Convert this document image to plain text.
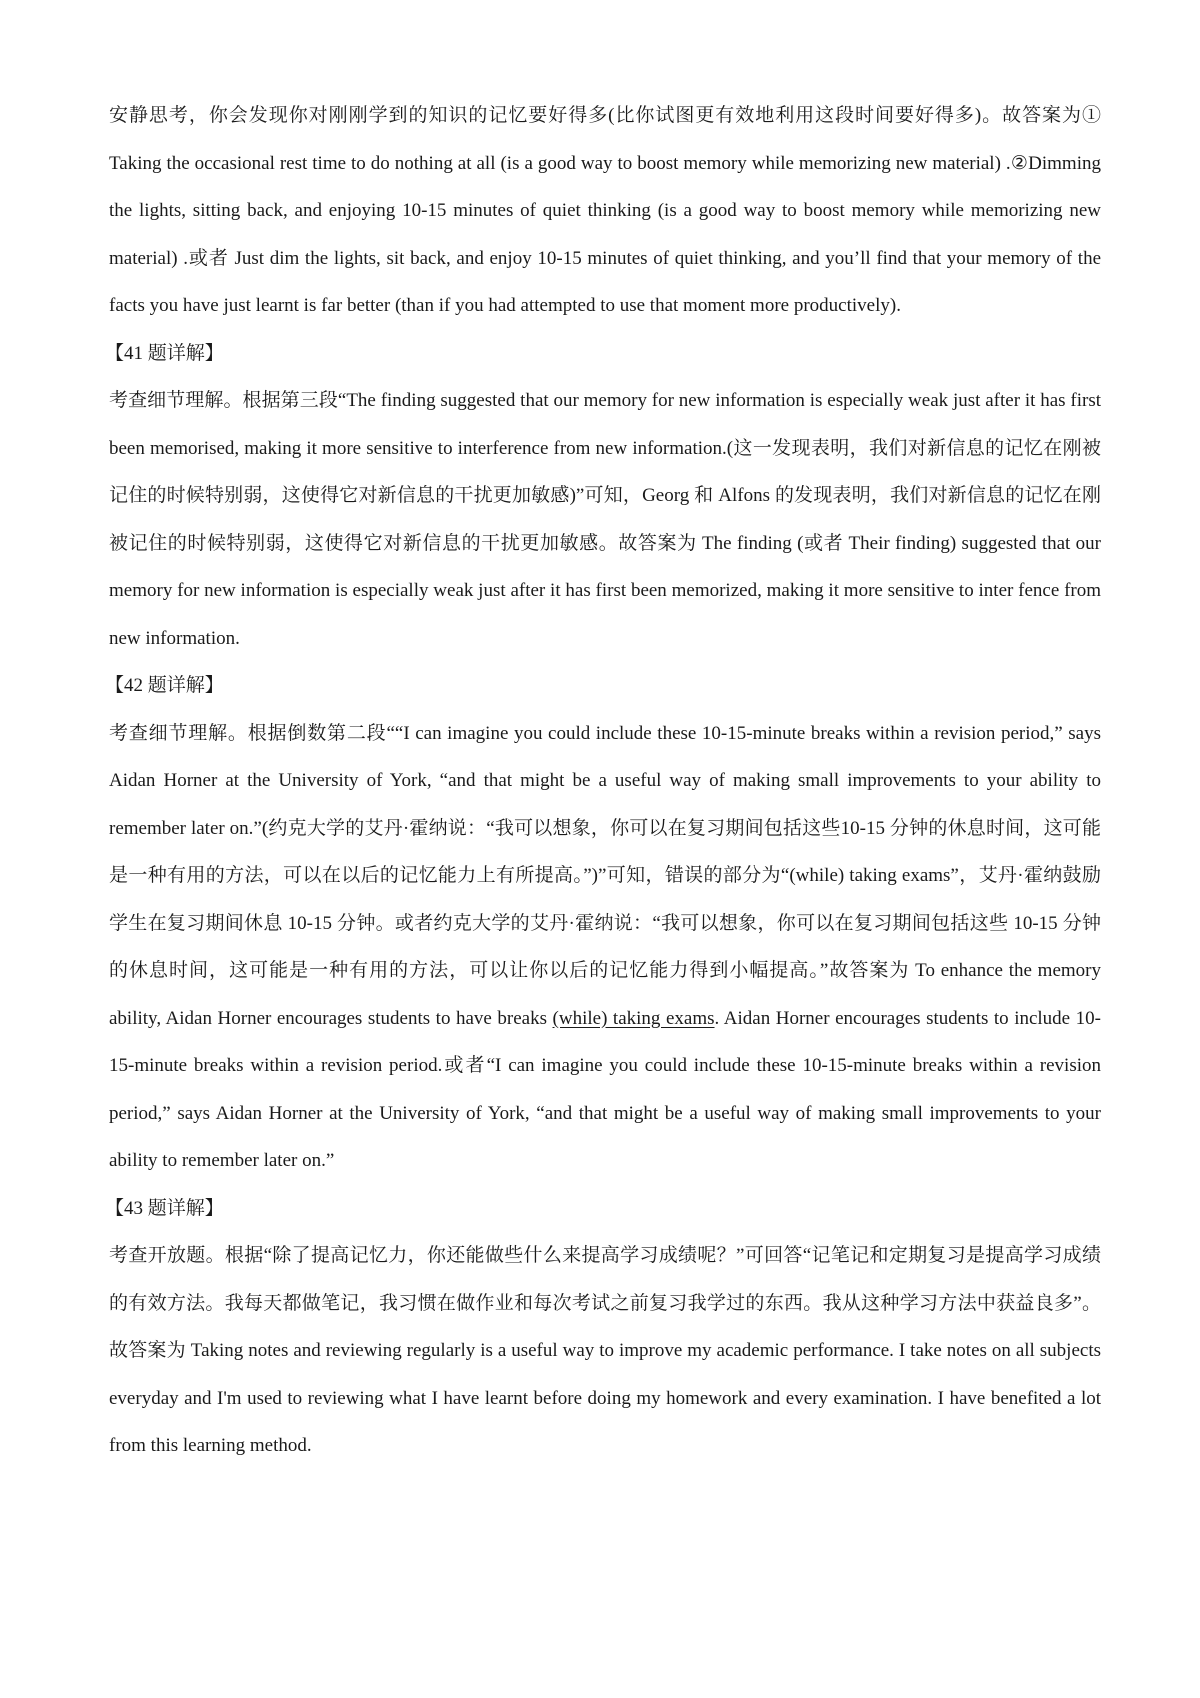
安静思考，你会发现你对刚刚学到的知识的记忆要好得多(比你试图更有效地利用这段时间要好得多)。故答案为① Taking the occasional rest time to do nothing at all (is a good way to boost memory while memorizing new material) .②Dimming the lights, sitting back, and enjoying 10-15 minutes of quiet thinking (is a good way to boost memory while memorizing new material) .或者 Just dim the lights, sit back, and enjoy 10-15 minutes of quiet thinking, and you’ll find that your memory of the facts you have just learnt is far better (than if you had attempted to use that moment more productively).

【41 题详解】

考查细节理解。根据第三段“The finding suggested that our memory for new information is especially weak just after it has first been memorised, making it more sensitive to interference from new information.(这一发现表明，我们对新信息的记忆在刚被记住的时候特别弱，这使得它对新信息的干扰更加敏感)”可知，Georg 和 Alfons 的发现表明，我们对新信息的记忆在刚被记住的时候特别弱，这使得它对新信息的干扰更加敏感。故答案为 The finding (或者 Their finding) suggested that our memory for new information is especially weak just after it has first been memorized, making it more sensitive to inter fence from new information.

【42 题详解】

考查细节理解。根据倒数第二段““I can imagine you could include these 10-15-minute breaks within a revision period,” says Aidan Horner at the University of York, “and that might be a useful way of making small improvements to your ability to remember later on.”(约克大学的艾丹·霍纳说：“我可以想象，你可以在复习期间包括这些10-15 分钟的休息时间，这可能是一种有用的方法，可以在以后的记忆能力上有所提高。”)”可知，错误的部分为“(while) taking exams”，艾丹·霍纳鼓励学生在复习期间休息 10-15 分钟。或者约克大学的艾丹·霍纳说：“我可以想象，你可以在复习期间包括这些 10-15 分钟的休息时间，这可能是一种有用的方法，可以让你以后的记忆能力得到小幅提高。”故答案为 To enhance the memory ability, Aidan Horner encourages students to have breaks (while) taking exams. Aidan Horner encourages students to include 10-15-minute breaks within a revision period.或者“I can imagine you could include these 10-15-minute breaks within a revision period,” says Aidan Horner at the University of York, “and that might be a useful way of making small improvements to your ability to remember later on.”

【43 题详解】

考查开放题。根据“除了提高记忆力，你还能做些什么来提高学习成绩呢？”可回答“记笔记和定期复习是提高学习成绩的有效方法。我每天都做笔记，我习惯在做作业和每次考试之前复习我学过的东西。我从这种学习方法中获益良多”。故答案为 Taking notes and reviewing regularly is a useful way to improve my academic performance. I take notes on all subjects everyday and I'm used to reviewing what I have learnt before doing my homework and every examination. I have benefited a lot from this learning method.
